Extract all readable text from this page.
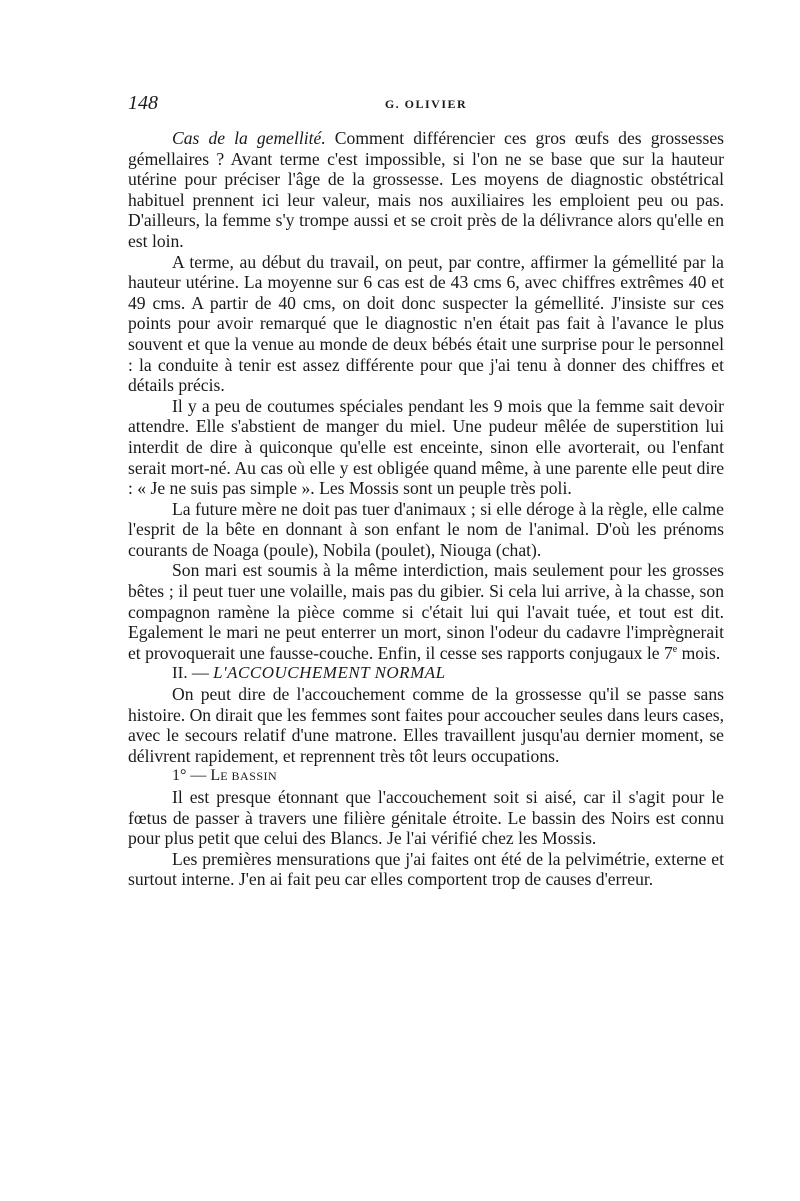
148	G. OLIVIER

Cas de la gemellité. Comment différencier ces gros œufs des grossesses gémellaires ? Avant terme c'est impossible, si l'on ne se base que sur la hauteur utérine pour préciser l'âge de la grossesse. Les moyens de diagnostic obstétrical habituel prennent ici leur valeur, mais nos auxiliaires les emploient peu ou pas. D'ailleurs, la femme s'y trompe aussi et se croit près de la délivrance alors qu'elle en est loin.

A terme, au début du travail, on peut, par contre, affirmer la gémellité par la hauteur utérine. La moyenne sur 6 cas est de 43 cms 6, avec chiffres extrêmes 40 et 49 cms. A partir de 40 cms, on doit donc suspecter la gémellité. J'insiste sur ces points pour avoir remarqué que le diagnostic n'en était pas fait à l'avance le plus souvent et que la venue au monde de deux bébés était une surprise pour le personnel : la conduite à tenir est assez différente pour que j'ai tenu à donner des chiffres et détails précis.

Il y a peu de coutumes spéciales pendant les 9 mois que la femme sait devoir attendre. Elle s'abstient de manger du miel. Une pudeur mêlée de superstition lui interdit de dire à quiconque qu'elle est enceinte, sinon elle avorterait, ou l'enfant serait mort-né. Au cas où elle y est obligée quand même, à une parente elle peut dire : « Je ne suis pas simple ». Les Mossis sont un peuple très poli.

La future mère ne doit pas tuer d'animaux ; si elle déroge à la règle, elle calme l'esprit de la bête en donnant à son enfant le nom de l'animal. D'où les prénoms courants de Noaga (poule), Nobila (poulet), Niouga (chat).

Son mari est soumis à la même interdiction, mais seulement pour les grosses bêtes ; il peut tuer une volaille, mais pas du gibier. Si cela lui arrive, à la chasse, son compagnon ramène la pièce comme si c'était lui qui l'avait tuée, et tout est dit. Egalement le mari ne peut enterrer un mort, sinon l'odeur du cadavre l'imprègnerait et provoquerait une fausse-couche. Enfin, il cesse ses rapports conjugaux le 7e mois.

II. — L'ACCOUCHEMENT NORMAL

On peut dire de l'accouchement comme de la grossesse qu'il se passe sans histoire. On dirait que les femmes sont faites pour accoucher seules dans leurs cases, avec le secours relatif d'une matrone. Elles travaillent jusqu'au dernier moment, se délivrent rapidement, et reprennent très tôt leurs occupations.

1° — LE BASSIN

Il est presque étonnant que l'accouchement soit si aisé, car il s'agit pour le fœtus de passer à travers une filière génitale étroite. Le bassin des Noirs est connu pour plus petit que celui des Blancs. Je l'ai vérifié chez les Mossis.

Les premières mensurations que j'ai faites ont été de la pelvimétrie, externe et surtout interne. J'en ai fait peu car elles comportent trop de causes d'erreur.
